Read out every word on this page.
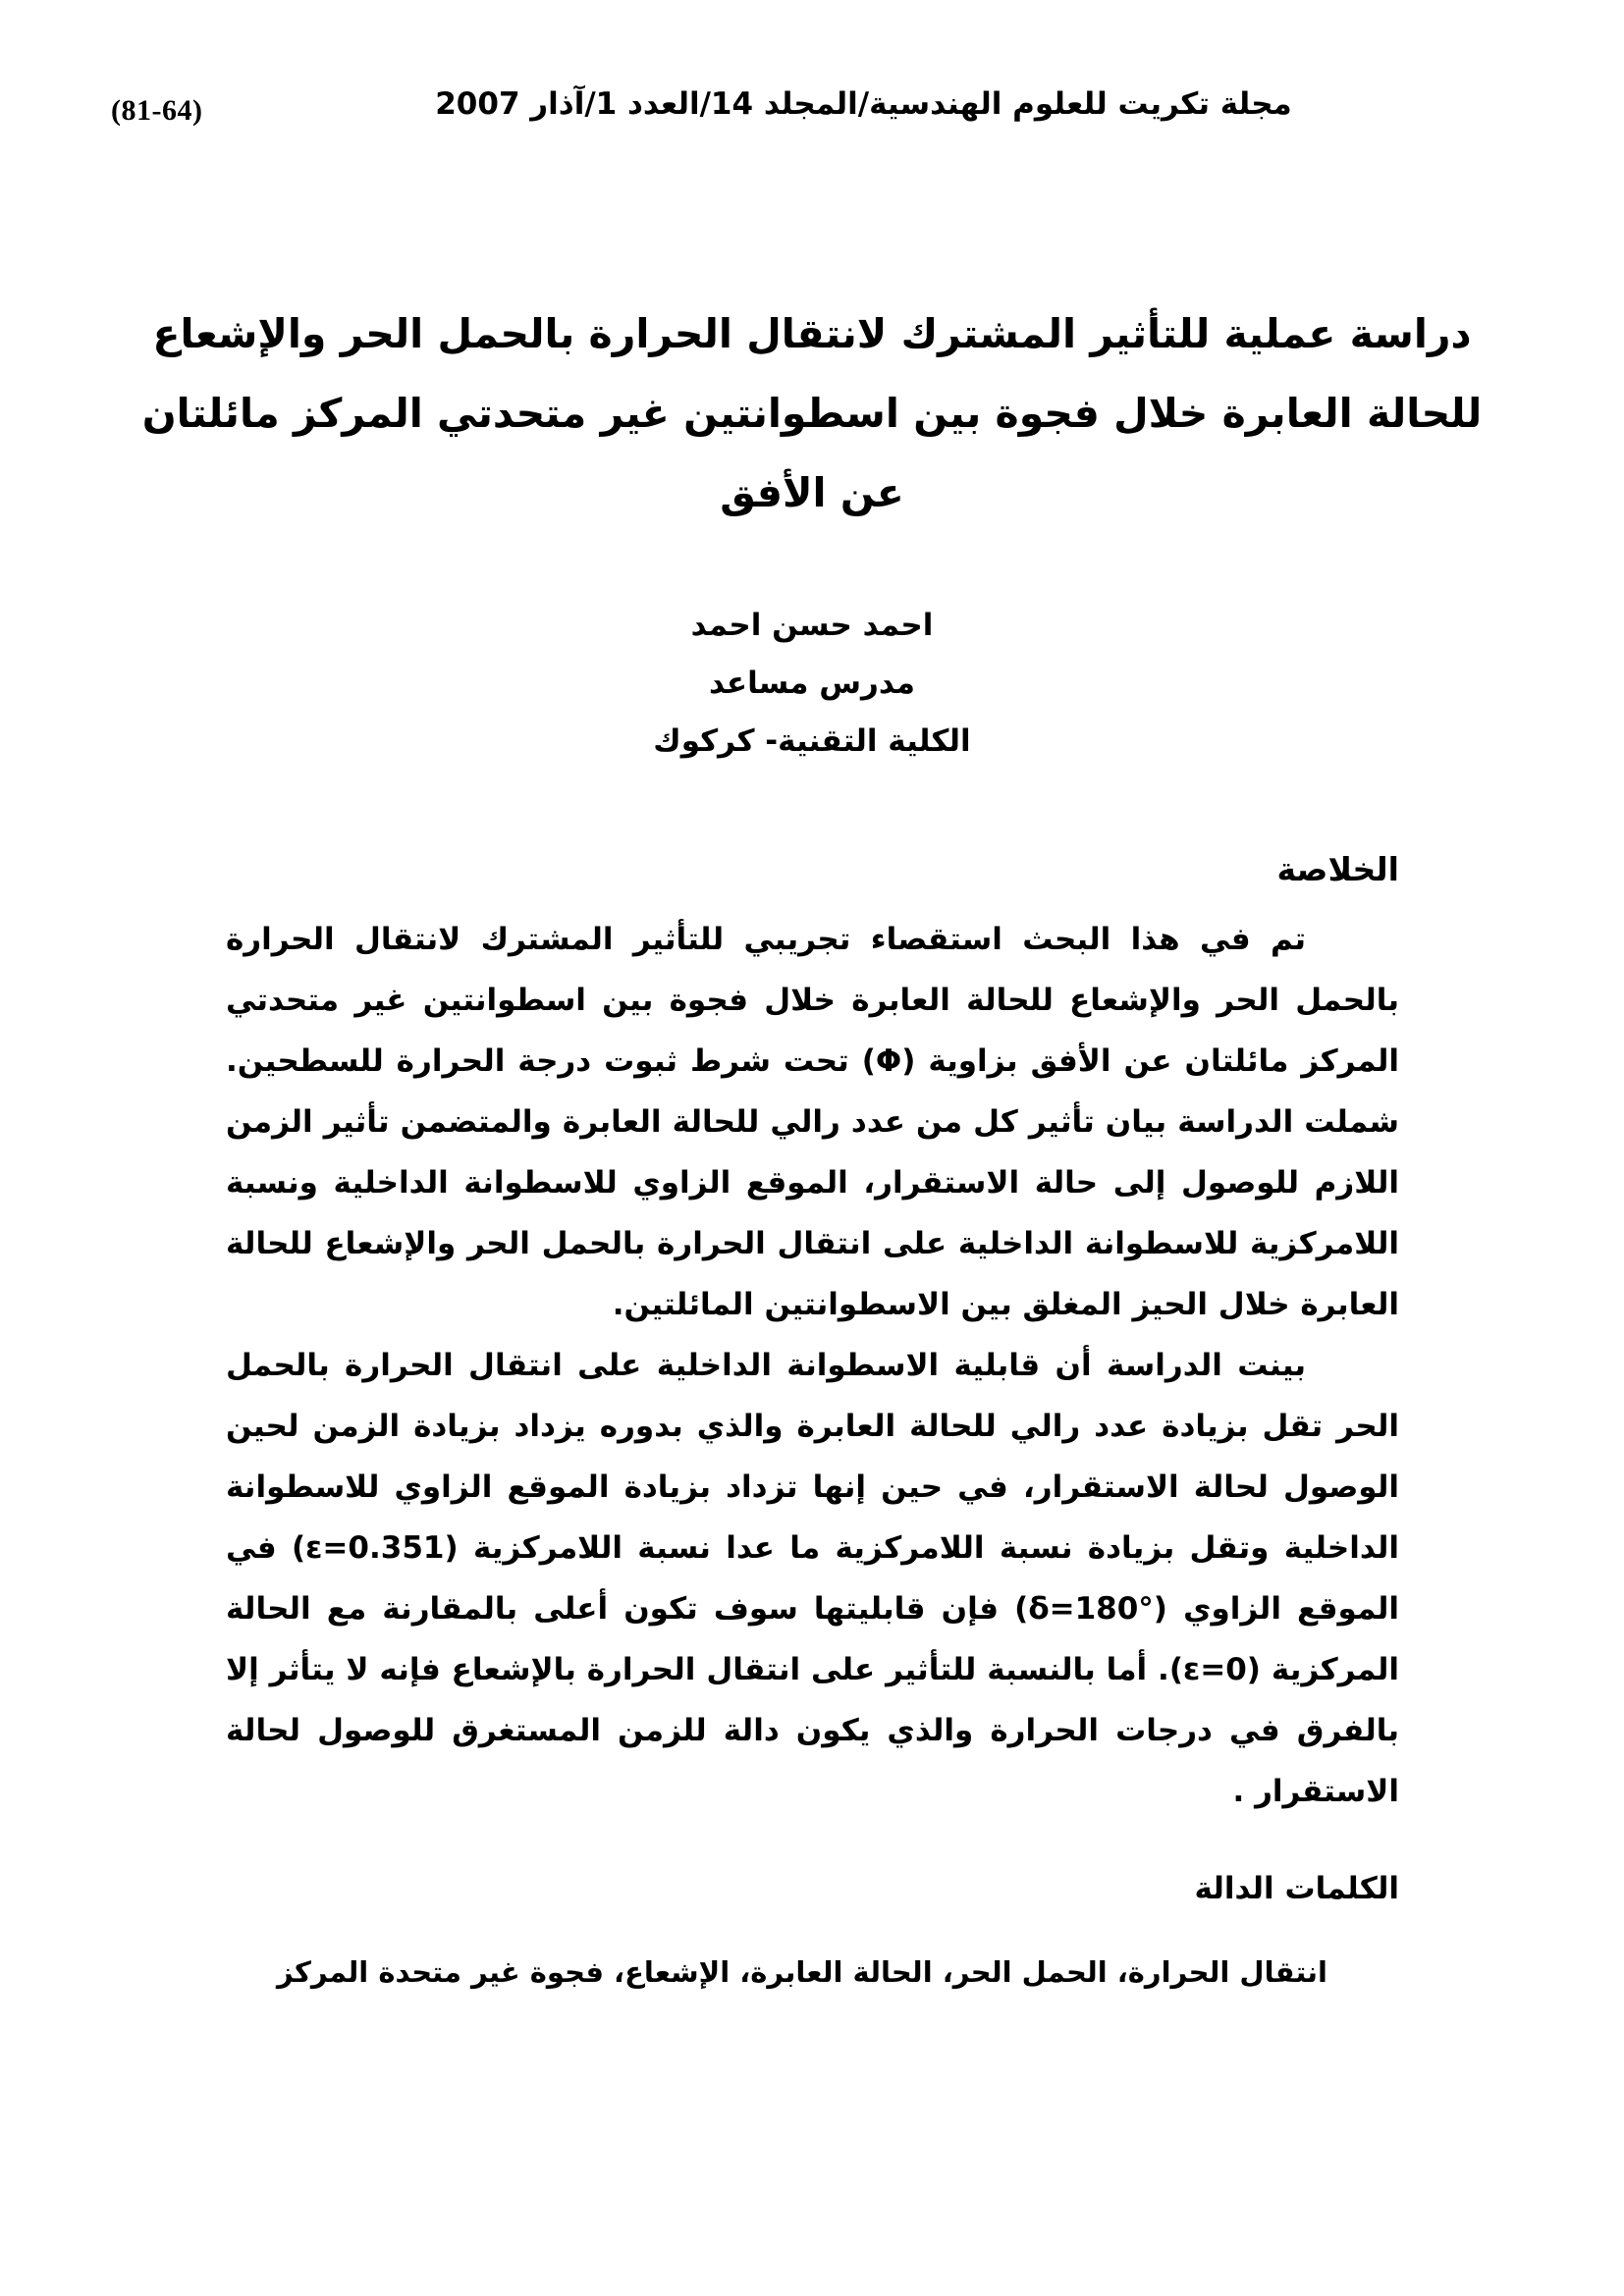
(81-64)	مجلة تكريت للعلوم الهندسية/المجلد 14/العدد 1/آذار 2007
دراسة عملية للتأثير المشترك لانتقال الحرارة بالحمل الحر والإشعاع
للحالة العابرة خلال فجوة بين اسطوانتين غير متحدتي المركز مائلتان
عن الأفق
احمد حسن احمد
مدرس مساعد
الكلية التقنية- كركوك
الخلاصة

تم في هذا البحث استقصاء تجريبي للتأثير المشترك لانتقال الحرارة بالحمل الحر والإشعاع للحالة العابرة خلال فجوة بين اسطوانتين غير متحدتي المركز مائلتان عن الأفق بزاوية ⁦(Φ)⁩ تحت شرط ثبوت درجة الحرارة للسطحين. شملت الدراسة بيان تأثير كل من عدد رالي للحالة العابرة والمتضمن تأثير الزمن اللازم للوصول إلى حالة الاستقرار، الموقع الزاوي للاسطوانة الداخلية ونسبة اللامركزية للاسطوانة الداخلية على انتقال الحرارة بالحمل الحر والإشعاع للحالة العابرة خلال الحيز المغلق بين الاسطوانتين المائلتين.

بينت الدراسة أن قابلية الاسطوانة الداخلية على انتقال الحرارة بالحمل الحر تقل بزيادة عدد رالي للحالة العابرة والذي بدوره يزداد بزيادة الزمن لحين الوصول لحالة الاستقرار، في حين إنها تزداد بزيادة الموقع الزاوي للاسطوانة الداخلية وتقل بزيادة نسبة اللامركزية ما عدا نسبة اللامركزية ⁦(ε=0.351)⁩ في الموقع الزاوي ⁦(δ=180°)⁩ فإن قابليتها سوف تكون أعلى بالمقارنة مع الحالة المركزية ⁦(ε=0)⁩. أما بالنسبة للتأثير على انتقال الحرارة بالإشعاع فإنه لا يتأثر إلا بالفرق في درجات الحرارة والذي يكون دالة للزمن المستغرق للوصول لحالة الاستقرار .

الكلمات الدالة
انتقال الحرارة، الحمل الحر، الحالة العابرة، الإشعاع، فجوة غير متحدة المركز
